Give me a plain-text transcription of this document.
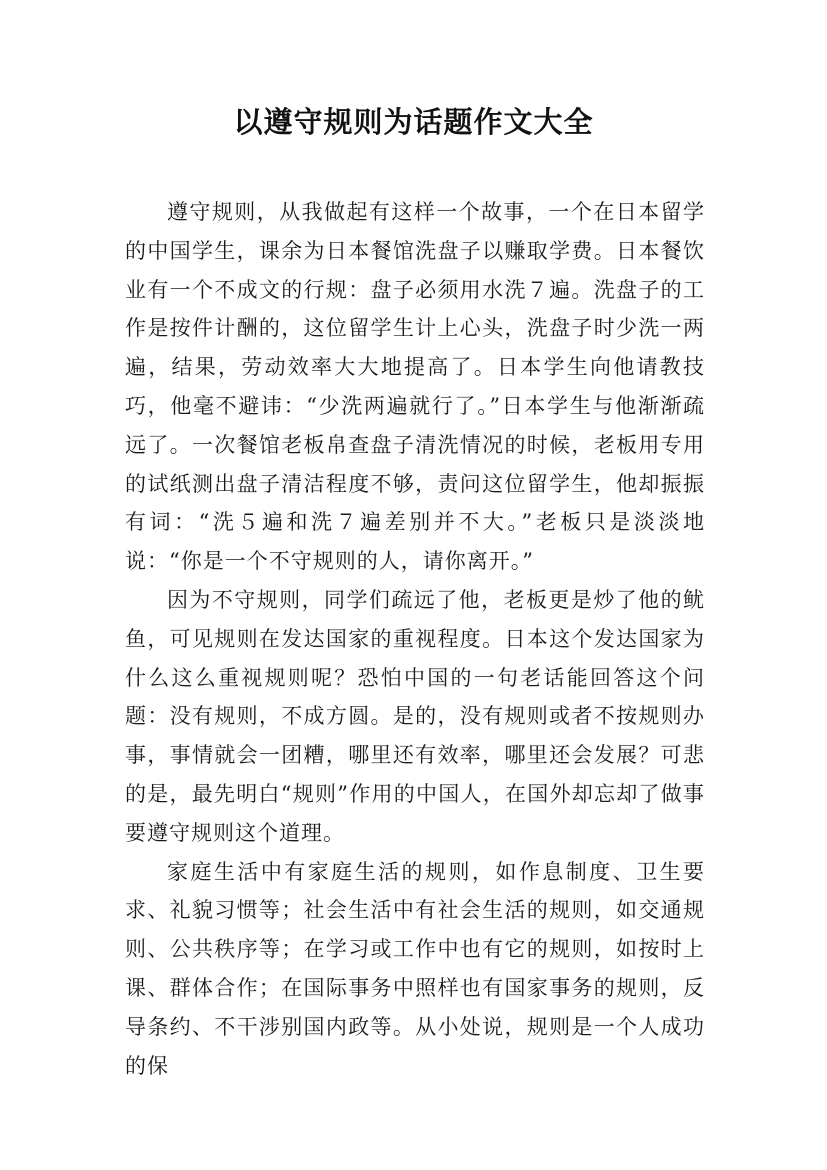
以遵守规则为话题作文大全

遵守规则，从我做起有这样一个故事，一个在日本留学的中国学生，课余为日本餐馆洗盘子以赚取学费。日本餐饮业有一个不成文的行规：盘子必须用水洗７遍。洗盘子的工作是按件计酬的，这位留学生计上心头，洗盘子时少洗一两遍，结果，劳动效率大大地提高了。日本学生向他请教技巧，他毫不避讳：“少洗两遍就行了。”日本学生与他渐渐疏远了。一次餐馆老板帛查盘子清洗情况的时候，老板用专用的试纸测出盘子清洁程度不够，责问这位留学生，他却振振有词：“洗５遍和洗７遍差别并不大。”老板只是淡淡地说：“你是一个不守规则的人，请你离开。”

因为不守规则，同学们疏远了他，老板更是炒了他的鱿鱼，可见规则在发达国家的重视程度。日本这个发达国家为什么这么重视规则呢？恐怕中国的一句老话能回答这个问题：没有规则，不成方圆。是的，没有规则或者不按规则办事，事情就会一团糟，哪里还有效率，哪里还会发展？可悲的是，最先明白“规则”作用的中国人，在国外却忘却了做事要遵守规则这个道理。

家庭生活中有家庭生活的规则，如作息制度、卫生要求、礼貌习惯等；社会生活中有社会生活的规则，如交通规则、公共秩序等；在学习或工作中也有它的规则，如按时上课、群体合作；在国际事务中照样也有国家事务的规则，反导条约、不干涉别国内政等。从小处说，规则是一个人成功的保
